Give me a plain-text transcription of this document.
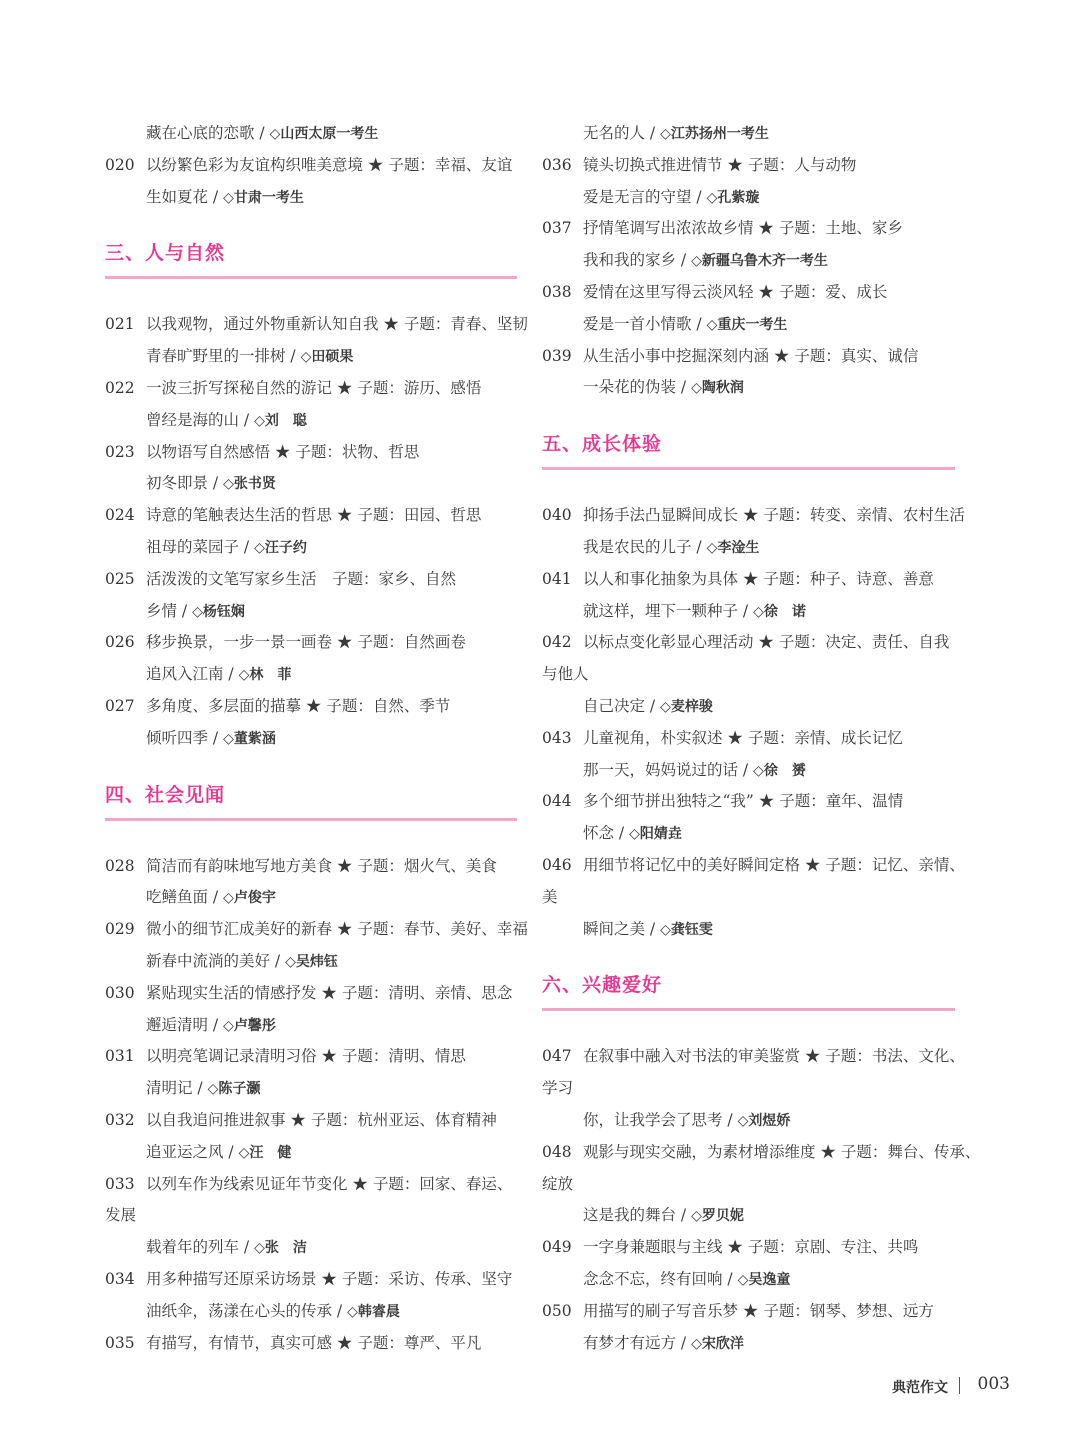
藏在心底的恋歌 / ◇山西太原一考生
020 以纷繁色彩为友谊构织唯美意境 ★ 子题：幸福、友谊
生如夏花 / ◇甘肃一考生
三、人与自然
021 以我观物，通过外物重新认知自我 ★ 子题：青春、坚韧
青春旷野里的一排树 / ◇田硕果
022 一波三折写探秘自然的游记 ★ 子题：游历、感悟
曾经是海的山 / ◇刘　聪
023 以物语写自然感悟 ★ 子题：状物、哲思
初冬即景 / ◇张书贤
024 诗意的笔触表达生活的哲思 ★ 子题：田园、哲思
祖母的菜园子 / ◇汪子约
025 活泼泼的文笔写家乡生活　子题：家乡、自然
乡情 / ◇杨钰娴
026 移步换景，一步一景一画卷 ★ 子题：自然画卷
追风入江南 / ◇林　菲
027 多角度、多层面的描摹 ★ 子题：自然、季节
倾听四季 / ◇董紫涵
四、社会见闻
028 简洁而有韵味地写地方美食 ★ 子题：烟火气、美食
吃鳝鱼面 / ◇卢俊宇
029 微小的细节汇成美好的新春 ★ 子题：春节、美好、幸福
新春中流淌的美好 / ◇吴炜钰
030 紧贴现实生活的情感抒发 ★ 子题：清明、亲情、思念
邂逅清明 / ◇卢馨彤
031 以明亮笔调记录清明习俗 ★ 子题：清明、情思
清明记 / ◇陈子灏
032 以自我追问推进叙事 ★ 子题：杭州亚运、体育精神
追亚运之风 / ◇汪　健
033 以列车作为线索见证年节变化 ★ 子题：回家、春运、
发展
载着年的列车 / ◇张　洁
034 用多种描写还原采访场景 ★ 子题：采访、传承、坚守
油纸伞，荡漾在心头的传承 / ◇韩睿晨
035 有描写，有情节，真实可感 ★ 子题：尊严、平凡
无名的人 / ◇江苏扬州一考生
036 镜头切换式推进情节 ★ 子题：人与动物
爱是无言的守望 / ◇孔紫璇
037 抒情笔调写出浓浓故乡情 ★ 子题：土地、家乡
我和我的家乡 / ◇新疆乌鲁木齐一考生
038 爱情在这里写得云淡风轻 ★ 子题：爱、成长
爱是一首小情歌 / ◇重庆一考生
039 从生活小事中挖掘深刻内涵 ★ 子题：真实、诚信
一朵花的伪装 / ◇陶秋润
五、成长体验
040 抑扬手法凸显瞬间成长 ★ 子题：转变、亲情、农村生活
我是农民的儿子 / ◇李淦生
041 以人和事化抽象为具体 ★ 子题：种子、诗意、善意
就这样，埋下一颗种子 / ◇徐　诺
042 以标点变化彰显心理活动 ★ 子题：决定、责任、自我
与他人
自己决定 / ◇麦梓骏
043 儿童视角，朴实叙述 ★ 子题：亲情、成长记忆
那一天，妈妈说过的话 / ◇徐　赟
044 多个细节拼出独特之“我” ★ 子题：童年、温情
怀念 / ◇阳婧垚
046 用细节将记忆中的美好瞬间定格 ★ 子题：记忆、亲情、
美
瞬间之美 / ◇龚钰雯
六、兴趣爱好
047 在叙事中融入对书法的审美鉴赏 ★ 子题：书法、文化、
学习
你，让我学会了思考 / ◇刘煜娇
048 观影与现实交融，为素材增添维度 ★ 子题：舞台、传承、
绽放
这是我的舞台 / ◇罗贝妮
049 一字身兼题眼与主线 ★ 子题：京剧、专注、共鸣
念念不忘，终有回响 / ◇吴逸童
050 用描写的刷子写音乐梦 ★ 子题：钢琴、梦想、远方
有梦才有远方 / ◇宋欣洋
典范作文 003
